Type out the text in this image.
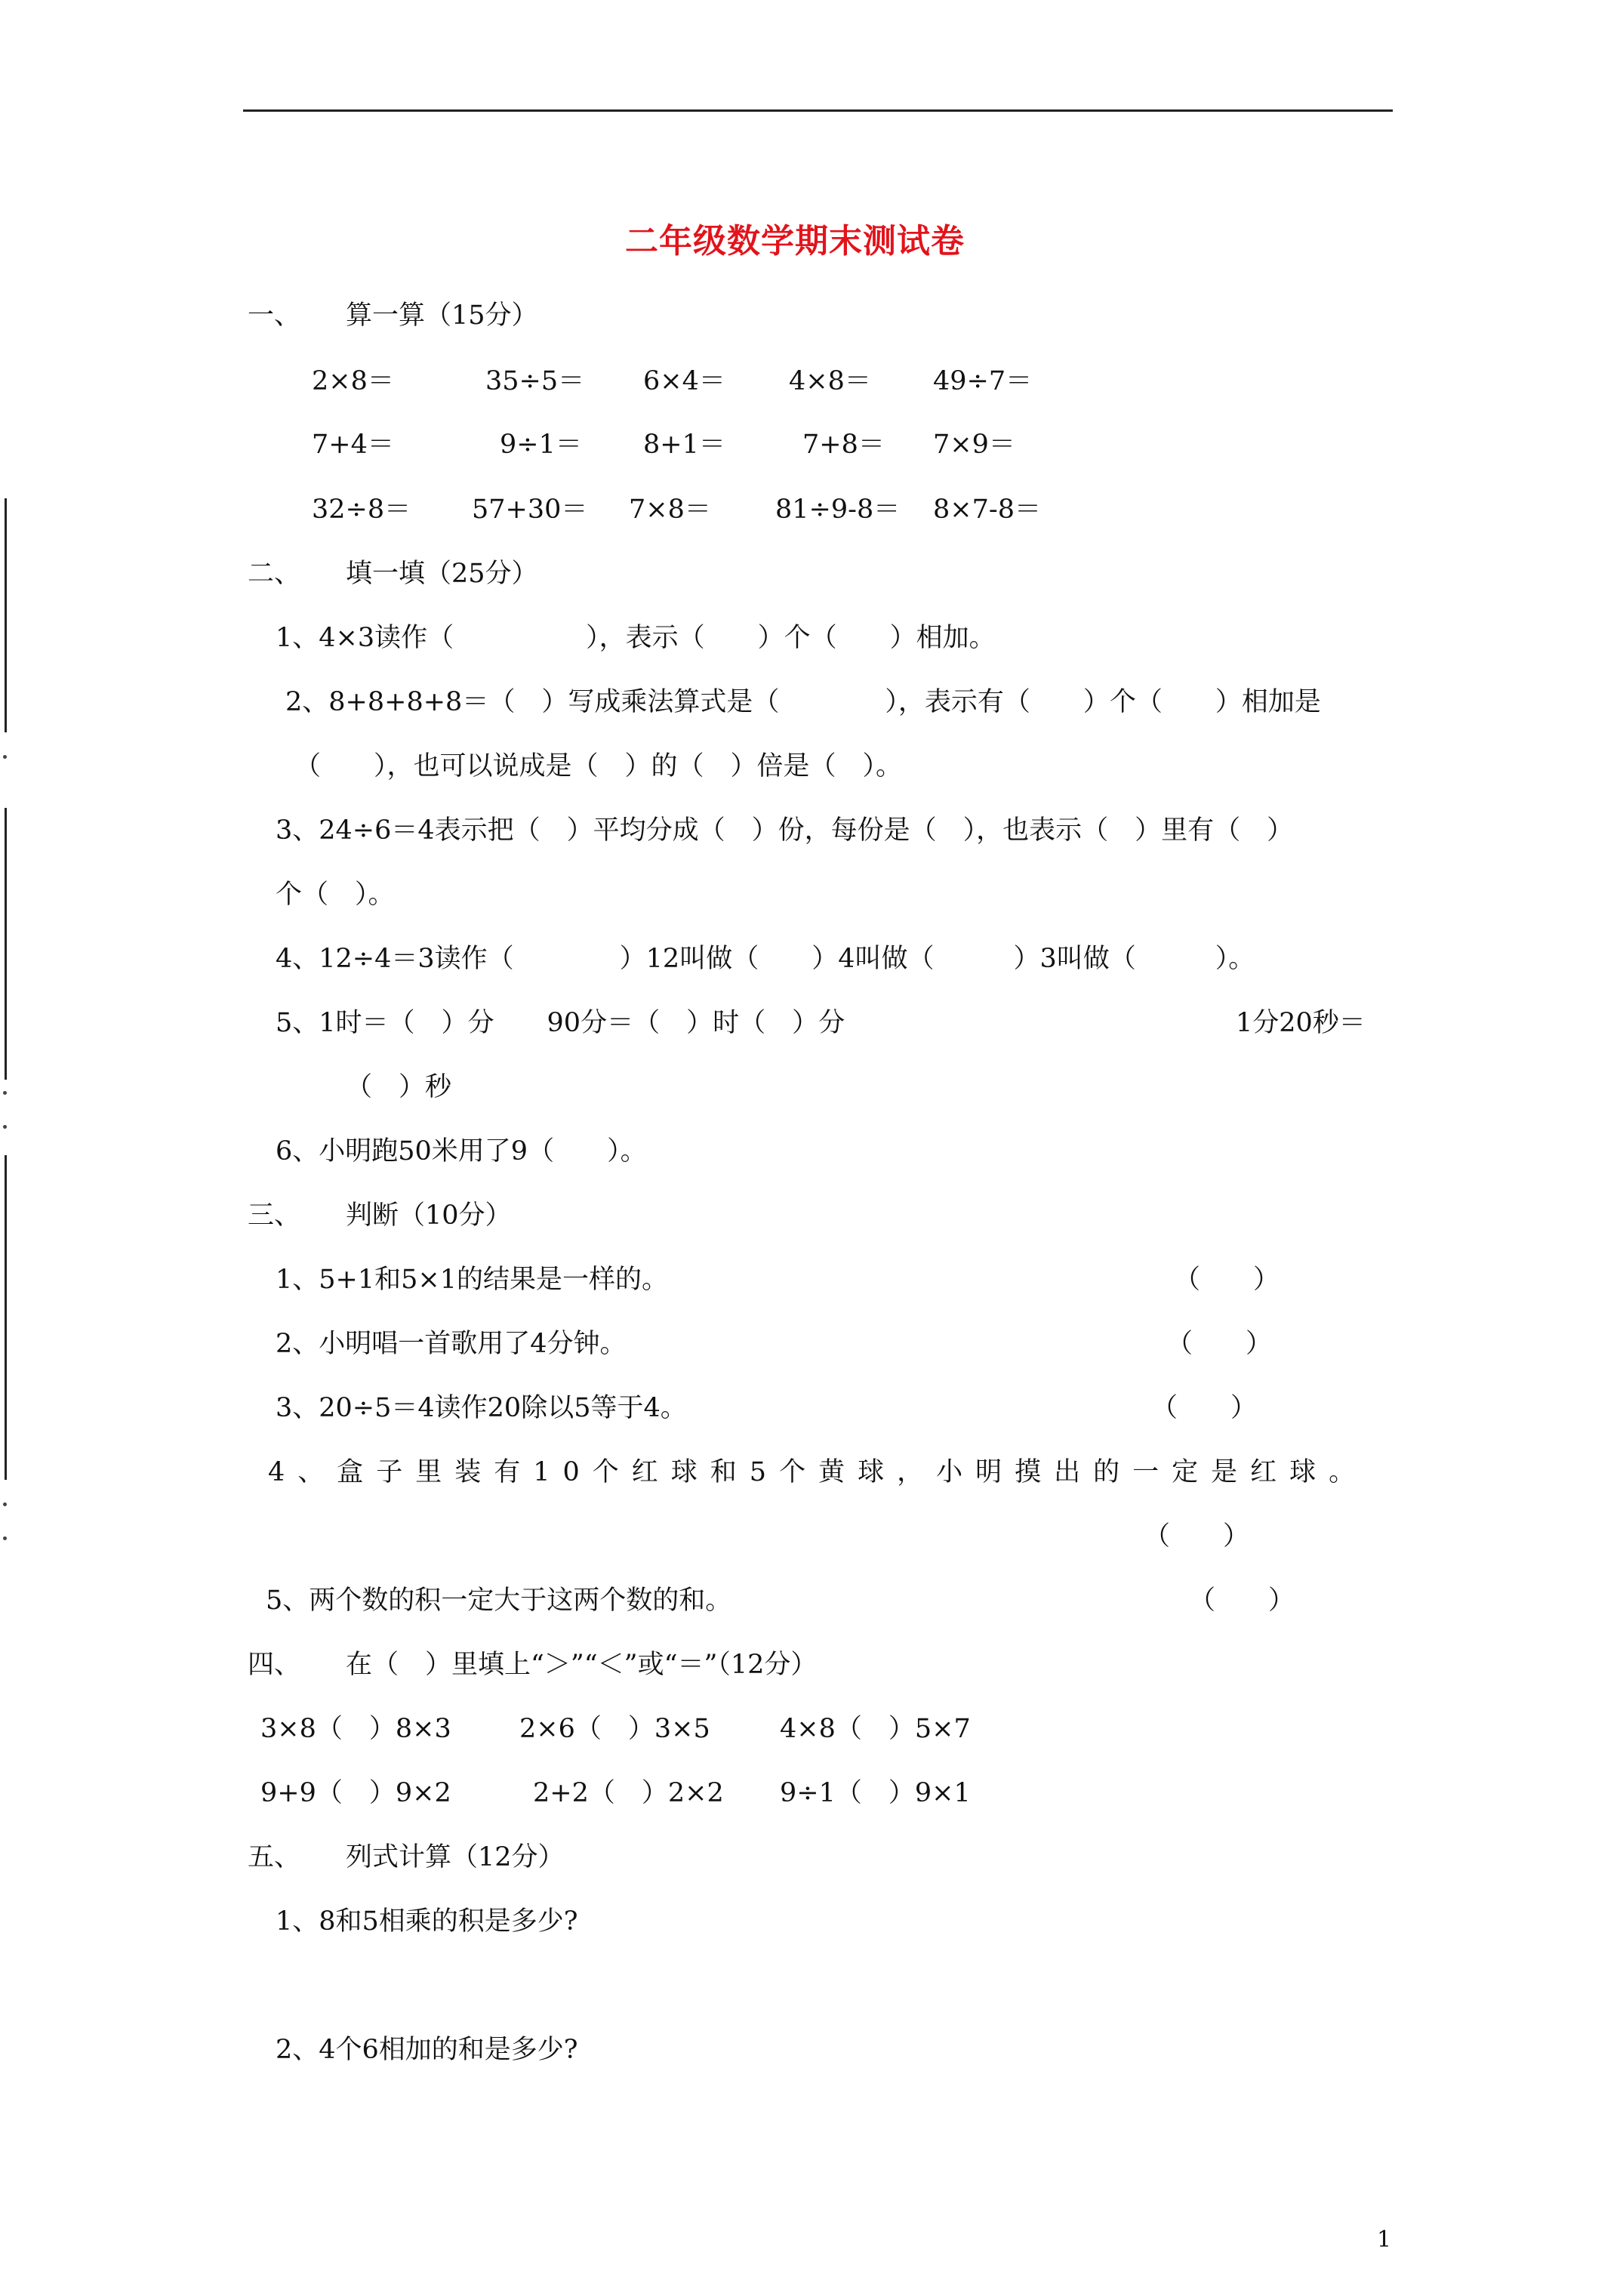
二年级数学期末测试卷
一、 算一算（15分）
2×8＝	35÷5＝ 6×4＝ 4×8＝ 49÷7＝
7+4＝	9÷1＝ 8+1＝	7+8＝ 7×9＝
32÷8＝ 57+30＝ 7×8＝ 81÷9-8＝ 8×7-8＝
二、 填一填（25分）
1、4×3读作（　　　　　），表示（　　）个（　　）相加。
2、8+8+8+8＝（　）写成乘法算式是（　　　　），表示有（　　）个（　　）相加是
（　　），也可以说成是（　）的（　）倍是（　）。
3、24÷6＝4表示把（　）平均分成（　）份，每份是（　），也表示（　）里有（　）
个（　）。
4、12÷4＝3读作（　　　　）12叫做（　　）4叫做（　　　）3叫做（　　　）。
5、1时＝（　）分　　90分＝（　）时（　）分	1分20秒＝
（　）秒
6、小明跑50米用了9（　　）。
三、 判断（10分）
1、5+1和5×1的结果是一样的。	（　　）
2、小明唱一首歌用了4分钟。	（　　）
3、20÷5＝4读作20除以5等于4。	（　　）
4、盒子里装有10个红球和5个黄球，小明摸出的一定是红球。
（　　）
5、两个数的积一定大于这两个数的和。	（　　）
四、 在（　）里填上“＞”“＜”或“＝”（12分）
3×8（　）8×3	2×6（　）3×5	4×8（　）5×7
9+9（　）9×2	2+2（　）2×2 9÷1（　）9×1
五、 列式计算（12分）
1、8和5相乘的积是多少?
2、4个6相加的和是多少?
1
